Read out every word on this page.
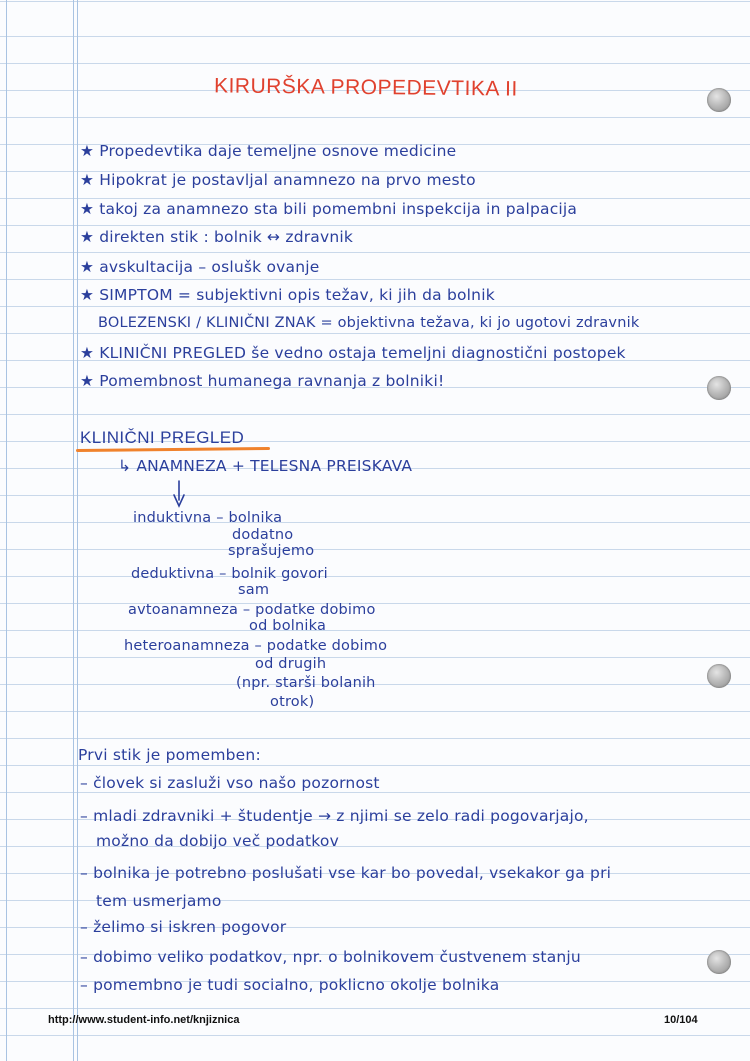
KIRURŠKA PROPEDEVTIKA II
★ Propedevtika daje temeljne osnove medicine
★ Hipokrat je postavljal anamnezo na prvo mesto
★ takoj za anamnezo sta bili pomembni inspekcija in palpacija
★ direkten stik : bolnik ↔ zdravnik
★ avskultacija – oslušk ovanje
★ SIMPTOM = subjektivni opis težav, ki jih da bolnik
BOLEZENSKI / KLINIČNI ZNAK = objektivna težava, ki jo ugotovi zdravnik
★ KLINIČNI PREGLED še vedno ostaja temeljni diagnostični postopek
★ Pomembnost humanega ravnanja z bolniki!
KLINIČNI PREGLED
↳ ANAMNEZA + TELESNA PREISKAVA
induktivna – bolnika
dodatno
sprašujemo
deduktivna – bolnik govori
sam
avtoanamneza – podatke dobimo
od bolnika
heteroanamneza – podatke dobimo
od drugih
(npr. starši bolanih
otrok)
Prvi stik je pomemben:
– človek si zasluži vso našo pozornost
– mladi zdravniki + študentje → z njimi se zelo radi pogovarjajo,
možno da dobijo več podatkov
– bolnika je potrebno poslušati vse kar bo povedal, vsekakor ga pri
tem usmerjamo
– želimo si iskren pogovor
– dobimo veliko podatkov, npr. o bolnikovem čustvenem stanju
– pomembno je tudi socialno, poklicno okolje bolnika
http://www.student-info.net/knjiznica	10/104
